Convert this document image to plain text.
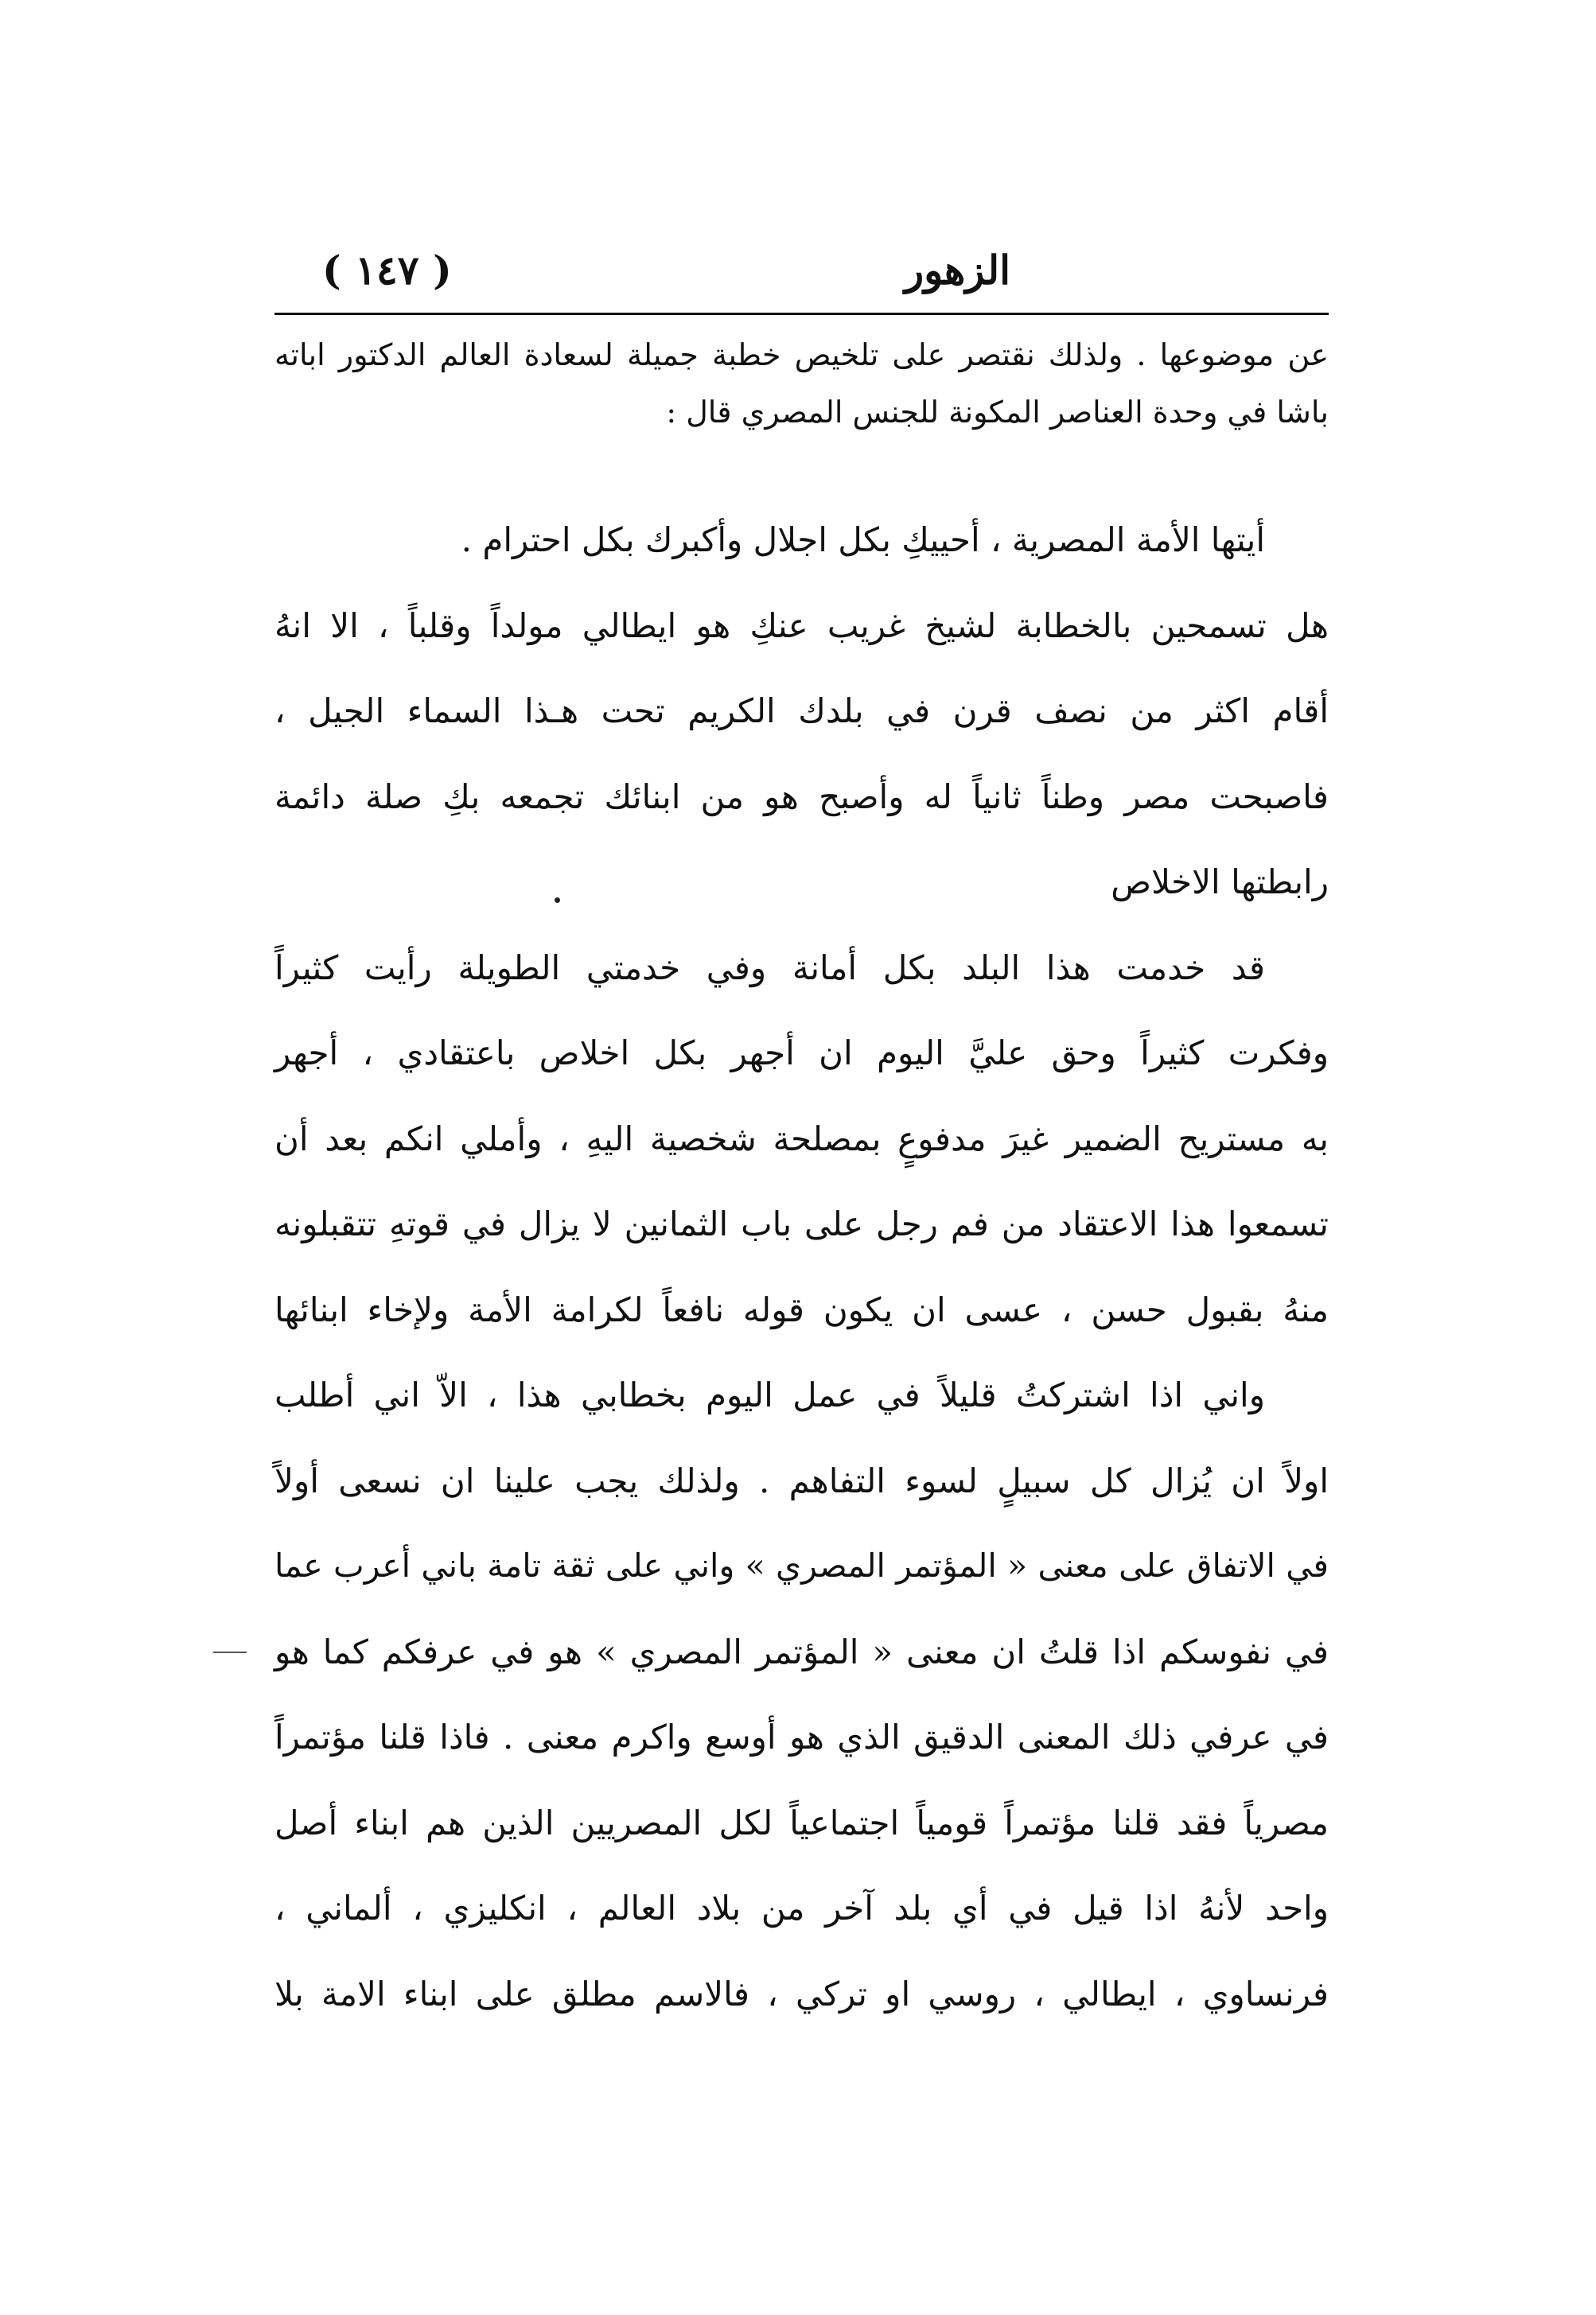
الزهور
( ١٤٧ )
عن موضوعها . ولذلك نقتصر على تلخيص خطبة جميلة لسعادة العالم الدكتور اباته
باشا في وحدة العناصر المكونة للجنس المصري قال :
أيتها الأمة المصرية ، أحييكِ بكل اجلال وأكبرك بكل احترام .
هل تسمحين بالخطابة لشيخ غريب عنكِ هو ايطالي مولداً وقلباً ، الا انهُ
أقام اكثر من نصف قرن في بلدك الكريم تحت هـذا السماء الجيل ،
فاصبحت مصر وطناً ثانياً له وأصبح هو من ابنائك تجمعه بكِ صلة دائمة
رابطتها الاخلاص
قد خدمت هذا البلد بكل أمانة وفي خدمتي الطويلة رأيت كثيراً
وفكرت كثيراً وحق عليَّ اليوم ان أجهر بكل اخلاص باعتقادي ، أجهر
به مستريح الضمير غيرَ مدفوعٍ بمصلحة شخصية اليهِ ، وأملي انكم بعد أن
تسمعوا هذا الاعتقاد من فم رجل على باب الثمانين لا يزال في قوتهِ تتقبلونه
منهُ بقبول حسن ، عسى ان يكون قوله نافعاً لكرامة الأمة ولإخاء ابنائها
واني اذا اشتركتُ قليلاً في عمل اليوم بخطابي هذا ، الاّ اني أطلب
اولاً ان يُزال كل سبيلٍ لسوء التفاهم . ولذلك يجب علينا ان نسعى أولاً
في الاتفاق على معنى « المؤتمر المصري » واني على ثقة تامة باني أعرب عما
في نفوسكم اذا قلتُ ان معنى « المؤتمر المصري » هو في عرفكم كما هو
في عرفي ذلك المعنى الدقيق الذي هو أوسع واكرم معنى . فاذا قلنا مؤتمراً
مصرياً فقد قلنا مؤتمراً قومياً اجتماعياً لكل المصريين الذين هم ابناء أصل
واحد لأنهُ اذا قيل في أي بلد آخر من بلاد العالم ، انكليزي ، ألماني ،
فرنساوي ، ايطالي ، روسي او تركي ، فالاسم مطلق على ابناء الامة بلا
